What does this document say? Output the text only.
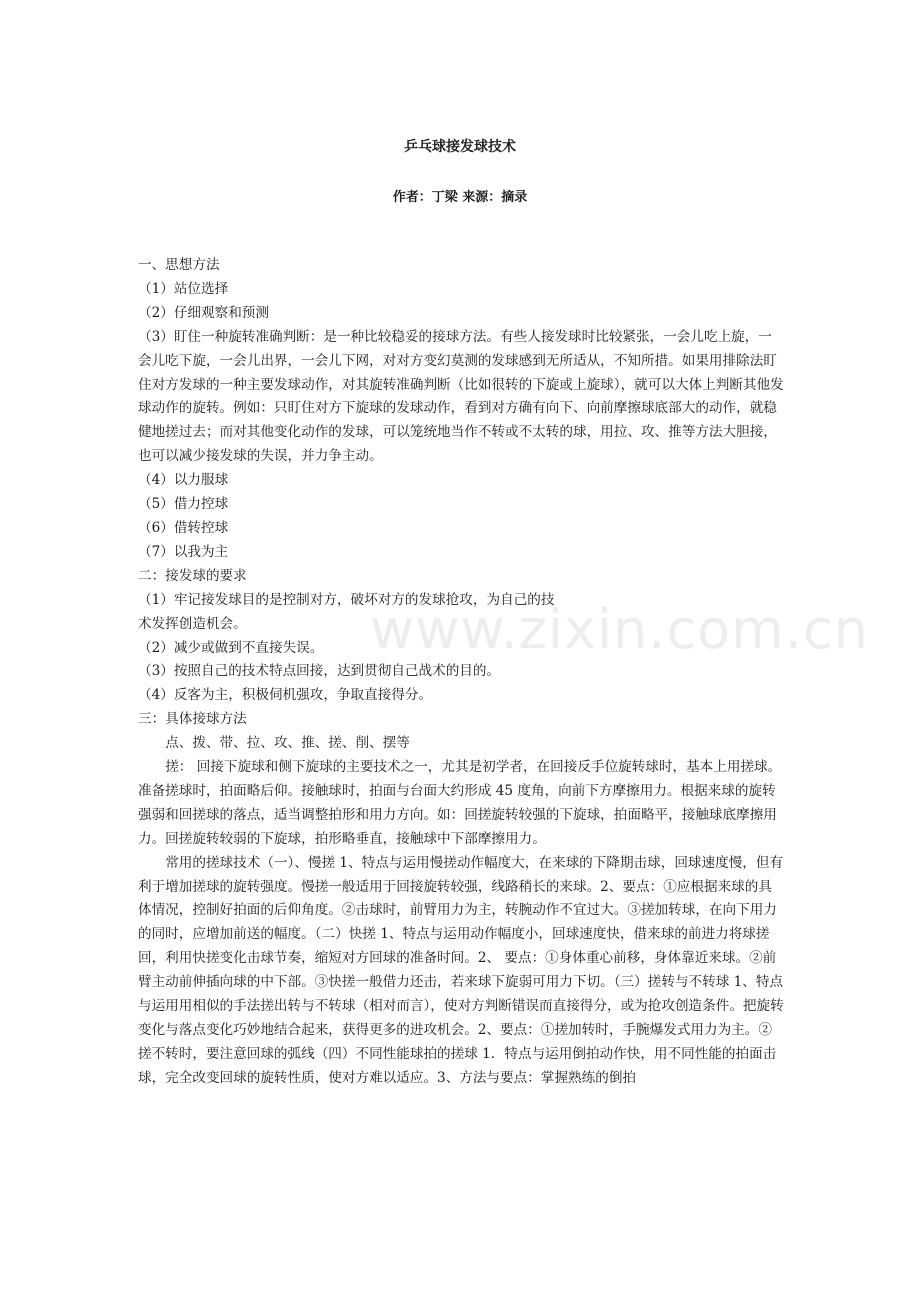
www.zixin.com.cn
乒乓球接发球技术
作者：丁梁 来源：摘录

一、思想方法

（1）站位选择

（2）仔细观察和预测

（3）盯住一种旋转准确判断：是一种比较稳妥的接球方法。有些人接发球时比较紧张，一会儿吃上旋，一会儿吃下旋，一会儿出界，一会儿下网，对对方变幻莫测的发球感到无所适从，不知所措。如果用排除法盯住对方发球的一种主要发球动作，对其旋转准确判断（比如很转的下旋或上旋球），就可以大体上判断其他发球动作的旋转。例如：只盯住对方下旋球的发球动作，看到对方确有向下、向前摩擦球底部大的动作，就稳健地搓过去；而对其他变化动作的发球，可以笼统地当作不转或不太转的球，用拉、攻、推等方法大胆接，也可以减少接发球的失误，并力争主动。

（4）以力服球

（5）借力控球

（6）借转控球

（7）以我为主

二：接发球的要求

（1）牢记接发球目的是控制对方，破坏对方的发球抢攻，为自己的技

术发挥创造机会。

（2）减少或做到不直接失误。

（3）按照自己的技术特点回接，达到贯彻自己战术的目的。

（4）反客为主，积极伺机强攻，争取直接得分。

三：具体接球方法

点、拨、带、拉、攻、推、搓、削、摆等

搓： 回接下旋球和侧下旋球的主要技术之一，尤其是初学者，在回接反手位旋转球时，基本上用搓球。准备搓球时，拍面略后仰。接触球时，拍面与台面大约形成 45 度角，向前下方摩擦用力。根据来球的旋转强弱和回搓球的落点，适当调整拍形和用力方向。如：回搓旋转较强的下旋球，拍面略平，接触球底摩擦用力。回搓旋转较弱的下旋球，拍形略垂直，接触球中下部摩擦用力。

常用的搓球技术（一）、慢搓 1、特点与运用慢搓动作幅度大，在来球的下降期击球，回球速度慢，但有利于增加搓球的旋转强度。慢搓一般适用于回接旋转较强，线路稍长的来球。2、要点：①应根据来球的具体情况，控制好拍面的后仰角度。②击球时，前臂用力为主，转腕动作不宜过大。③搓加转球，在向下用力的同时，应增加前送的幅度。（二）快搓 1、特点与运用动作幅度小，回球速度快，借来球的前进力将球搓回，利用快搓变化击球节奏，缩短对方回球的准备时间。2、 要点：①身体重心前移，身体靠近来球。②前臂主动前伸插向球的中下部。③快搓一般借力还击，若来球下旋弱可用力下切。（三）搓转与不转球 1、特点与运用用相似的手法搓出转与不转球（相对而言），使对方判断错误而直接得分，或为抢攻创造条件。把旋转变化与落点变化巧妙地结合起来，获得更多的进攻机会。2、要点：①搓加转时，手腕爆发式用力为主。②搓不转时，要注意回球的弧线（四）不同性能球拍的搓球 1．特点与运用倒拍动作快，用不同性能的拍面击球，完全改变回球的旋转性质，使对方难以适应。3、方法与要点：掌握熟练的倒拍
